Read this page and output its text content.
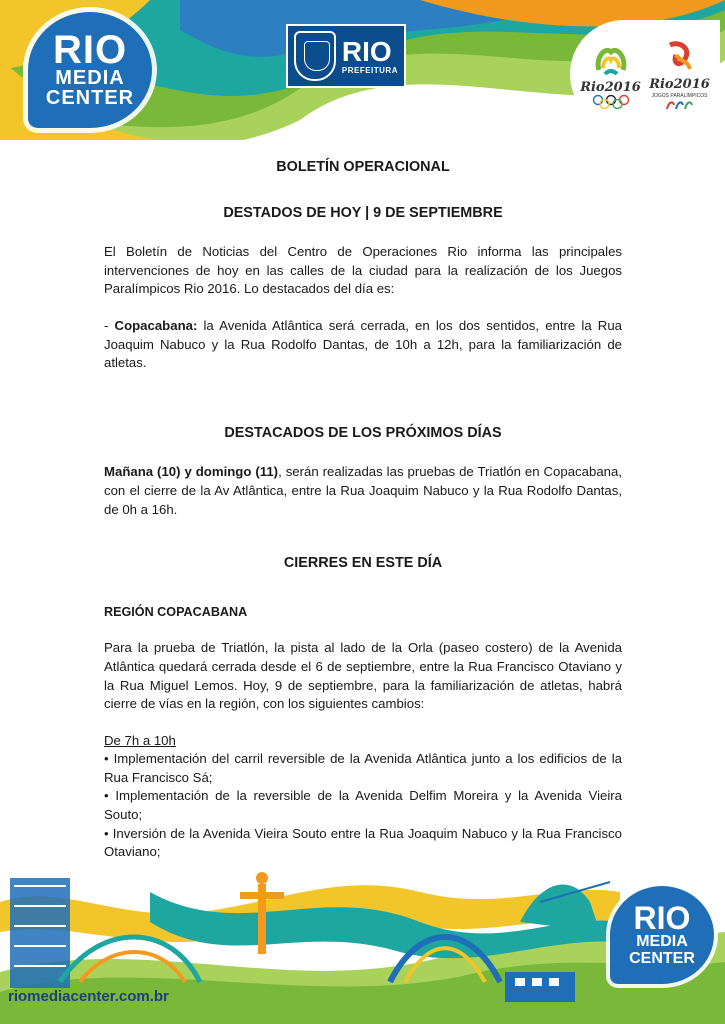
RIO
MEDIA
CENTER
RIO
PREFEITURA
Rio2016 Rio2016
JOGOS PARALÍMPICOS

BOLETÍN OPERACIONAL

DESTADOS DE HOY | 9 DE SEPTIEMBRE

El Boletín de Noticias del Centro de Operaciones Rio informa las principales intervenciones de hoy en las calles de la ciudad para la realización de los Juegos Paralímpicos Rio 2016. Lo destacados del día es:

- Copacabana: la Avenida Atlântica será cerrada, en los dos sentidos, entre la Rua Joaquim Nabuco y la Rua Rodolfo Dantas, de 10h a 12h, para la familiarización de atletas.

DESTACADOS DE LOS PRÓXIMOS DÍAS

Mañana (10) y domingo (11), serán realizadas las pruebas de Triatlón en Copacabana, con el cierre de la Av Atlântica, entre la Rua Joaquim Nabuco y la Rua Rodolfo Dantas, de 0h a 16h.

CIERRES EN ESTE DÍA

REGIÓN COPACABANA

Para la prueba de Triatlón, la pista al lado de la Orla (paseo costero) de la Avenida Atlântica quedará cerrada desde el 6 de septiembre, entre la Rua Francisco Otaviano y la Rua Miguel Lemos. Hoy, 9 de septiembre, para la familiarización de atletas, habrá cierre de vías en la región, con los siguientes cambios:

De 7h a 10h

• Implementación del carril reversible de la Avenida Atlântica junto a los edificios de la Rua Francisco Sá;

• Implementación de la reversible de la Avenida Delfim Moreira y la Avenida Vieira Souto;

• Inversión de la Avenida Vieira Souto entre la Rua Joaquim Nabuco y la Rua Francisco Otaviano;

RIO
MEDIA
CENTER
riomediacenter.com.br
